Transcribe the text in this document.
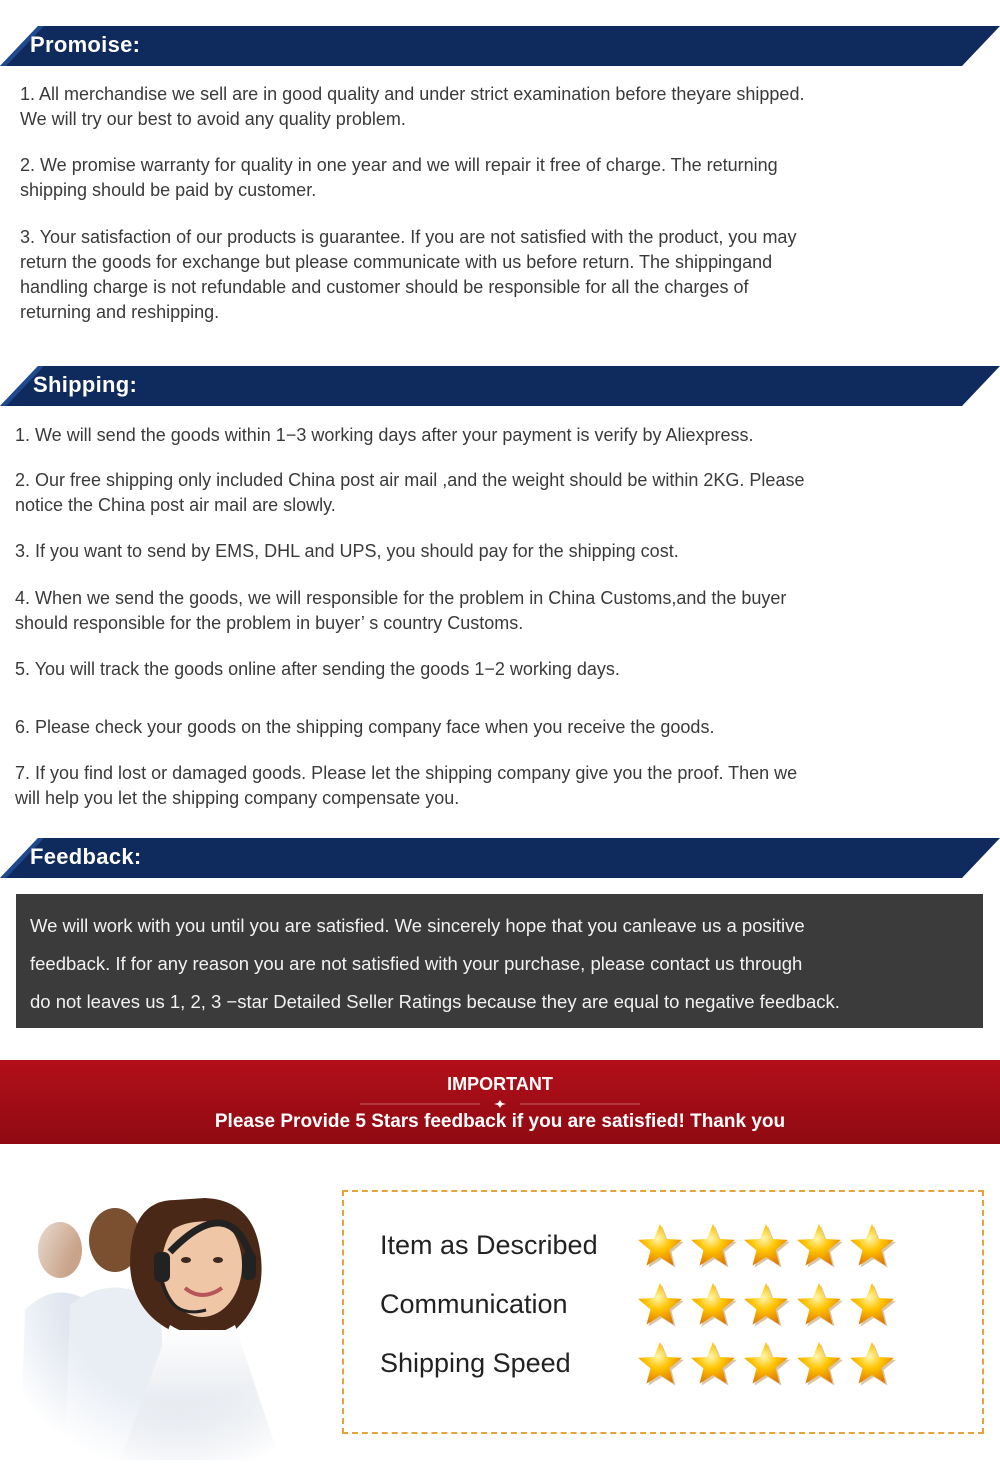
Promoise:
1. All merchandise we sell are in good quality and under strict examination before theyare shipped.
We will try our best to avoid any quality problem.
2. We promise warranty for quality in one year and we will repair it free of charge. The returning
shipping should be paid by customer.
3. Your satisfaction of our products is guarantee. If you are not satisfied with the product, you may
return the goods for exchange but please communicate with us before return. The shippingand
handling charge is not refundable and customer should be responsible for all the charges of
returning and reshipping.
Shipping:
1. We will send the goods within 1−3 working days after your payment is verify by Aliexpress.
2. Our free shipping only included China post air mail ,and the weight should be within 2KG. Please
notice the China post air mail are slowly.
3. If you want to send by EMS, DHL and UPS, you should pay for the shipping cost.
4. When we send the goods, we will responsible for the problem in China Customs,and the buyer
should responsible for the problem in buyer’ s country Customs.
5. You will track the goods online after sending the goods 1−2 working days.
6. Please check your goods on the shipping company face when you receive the goods.
7. If you find lost or damaged goods. Please let the shipping company give you the proof. Then we
will help you let the shipping company compensate you.
Feedback:
We will work with you until you are satisfied. We sincerely hope that you canleave us a positive
feedback. If for any reason you are not satisfied with your purchase, please contact us through
do not leaves us 1, 2, 3 −star Detailed Seller Ratings because they are equal to negative feedback.
IMPORTANT
Please Provide 5 Stars feedback if you are satisfied! Thank you
Item as Described
Communication
Shipping Speed
